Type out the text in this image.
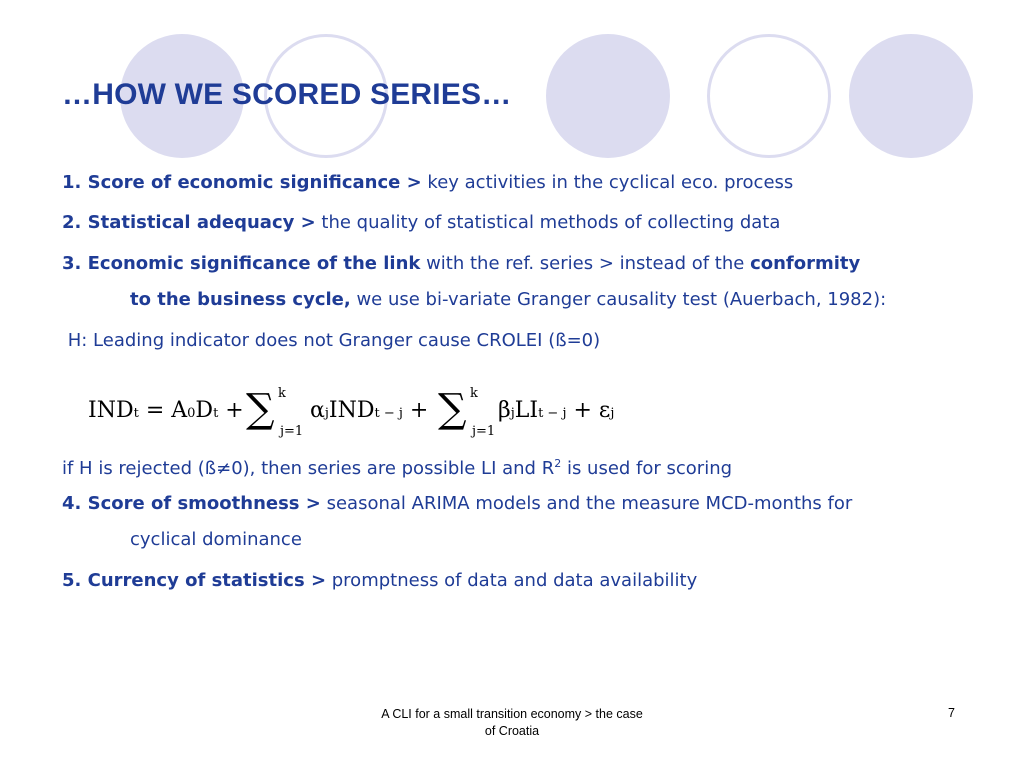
…HOW WE SCORED SERIES…
1. Score of economic significance > key activities in the cyclical eco. process
2. Statistical adequacy > the quality of statistical methods of collecting data
3. Economic significance of the link with the ref. series > instead of the conformity
to the business cycle, we use bi-variate Granger causality test (Auerbach, 1982):
H: Leading indicator does not Granger cause CROLEI (ß=0)
INDt = A0Dt + ∑ k
j=1
αjINDt − j + ∑ k
j=1
βjLIt − j + εj
if H is rejected (ß≠0), then series are possible LI and $R^2$ is used for scoring
4. Score of smoothness > seasonal ARIMA models and the measure MCD-months for
cyclical dominance
5. Currency of statistics > promptness of data and data availability
A CLI for a small transition economy > the case
of Croatia
7
